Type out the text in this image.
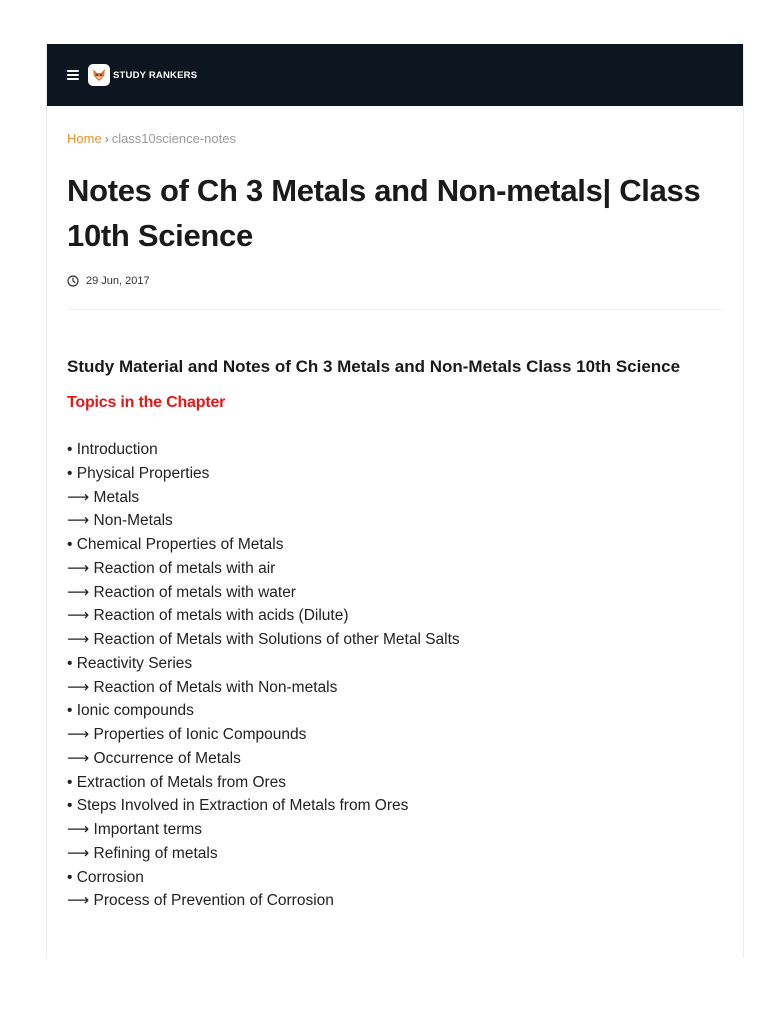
STUDY RANKERS
Home › class10science-notes
Notes of Ch 3 Metals and Non-metals| Class 10th Science
29 Jun, 2017
Study Material and Notes of Ch 3 Metals and Non-Metals Class 10th Science
Topics in the Chapter
• Introduction
• Physical Properties
⟶ Metals
⟶ Non-Metals
• Chemical Properties of Metals
⟶ Reaction of metals with air
⟶ Reaction of metals with water
⟶ Reaction of metals with acids (Dilute)
⟶ Reaction of Metals with Solutions of other Metal Salts
• Reactivity Series
⟶ Reaction of Metals with Non-metals
• Ionic compounds
⟶ Properties of Ionic Compounds
⟶ Occurrence of Metals
• Extraction of Metals from Ores
• Steps Involved in Extraction of Metals from Ores
⟶ Important terms
⟶ Refining of metals
• Corrosion
⟶ Process of Prevention of Corrosion
